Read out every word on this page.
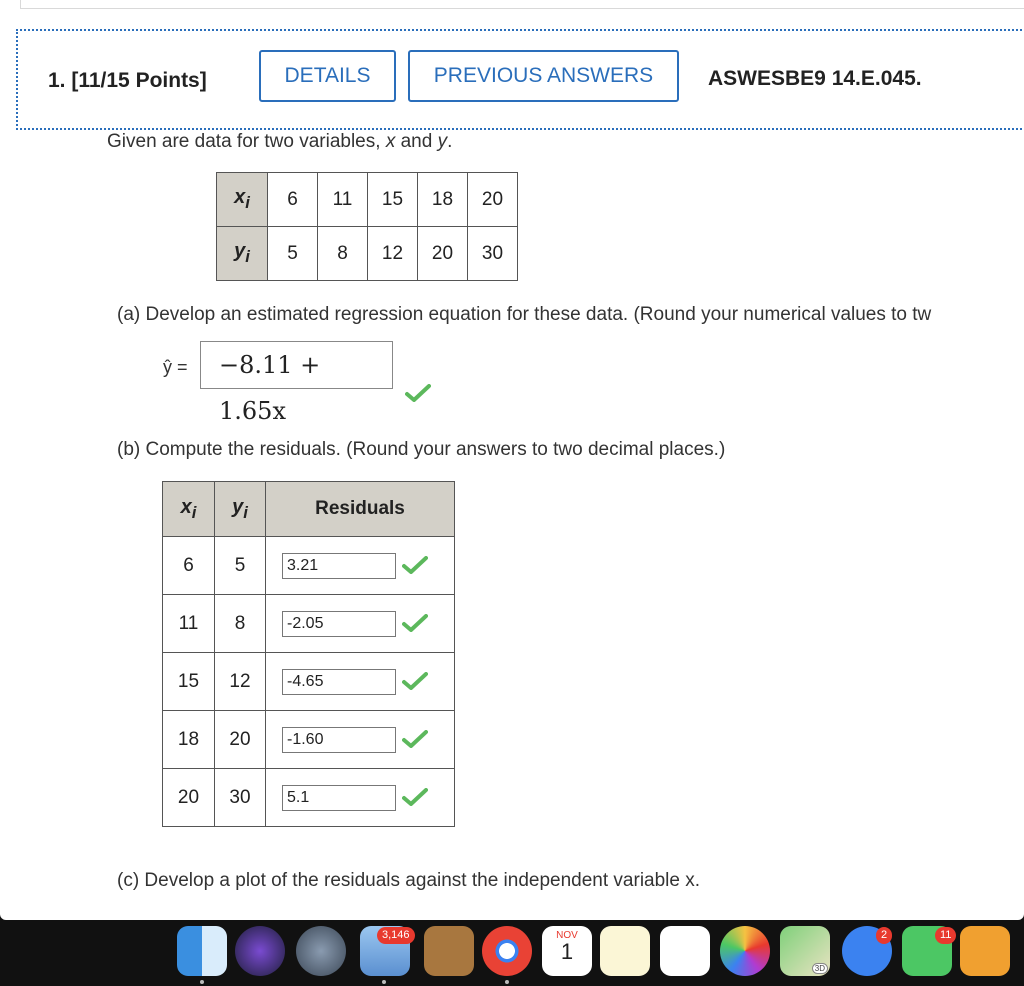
1. [11/15 Points]	DETAILS	PREVIOUS ANSWERS	ASWESBE9 14.E.045.
Given are data for two variables, x and y.
$x_i$	6	11	15	18	20
$y_i$	5	8	12	20	30
(a) Develop an estimated regression equation for these data. (Round your numerical values to tw
ŷ =	−8.11 + 1.65x
(b) Compute the residuals. (Round your answers to two decimal places.)
$x_i$	$y_i$	Residuals
6	5	3.21
11	8	-2.05
15	12	-4.65
18	20	-1.60
20	30	5.1
(c) Develop a plot of the residuals against the independent variable x.
3,146	NOV
1
3D
2	11
